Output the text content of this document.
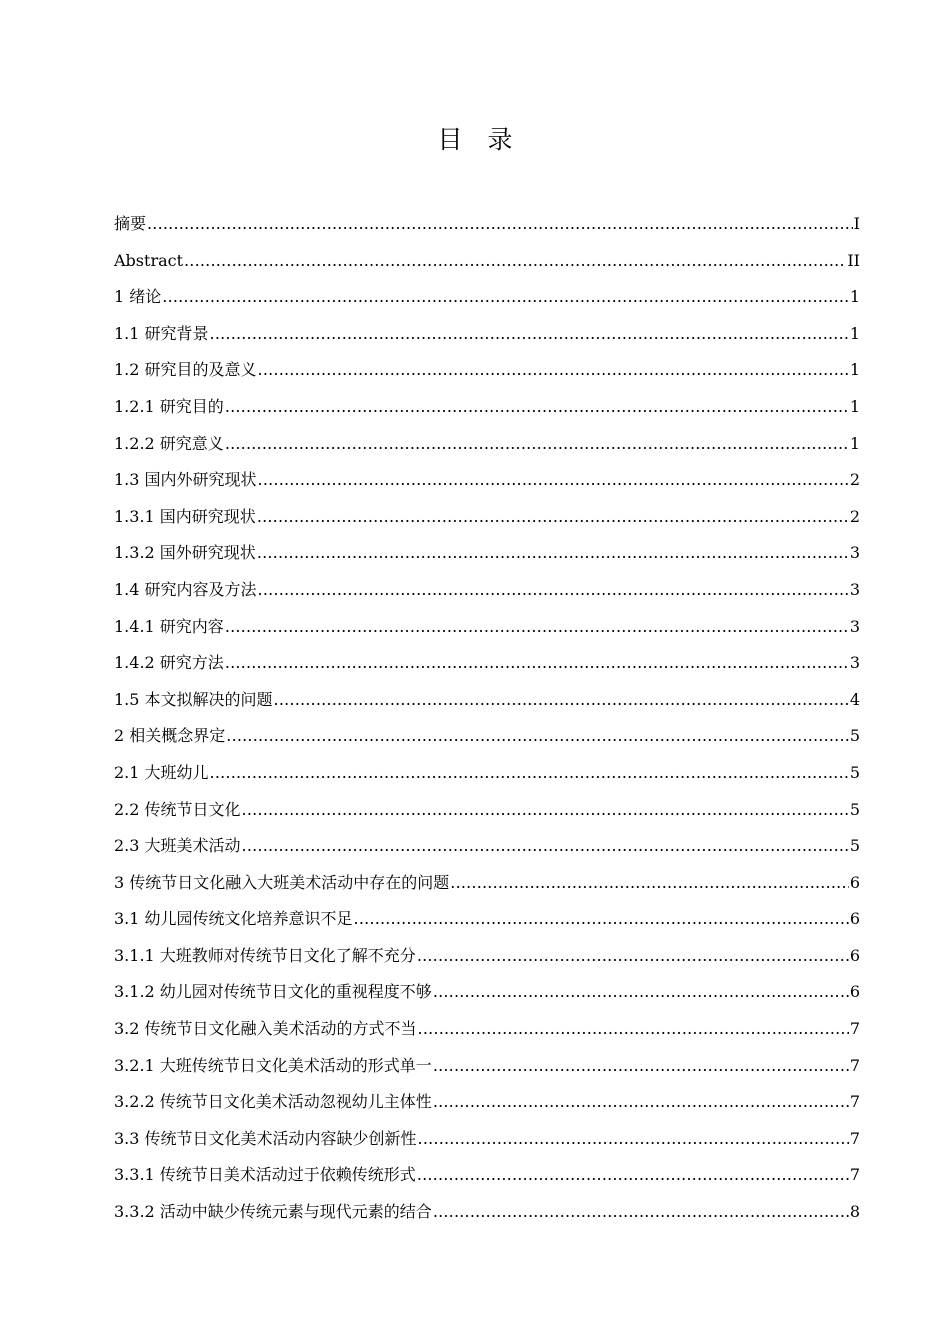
目录
摘要 .....	I
Abstract .....	II
1 绪论 .....	1
1.1 研究背景 .....	1
1.2 研究目的及意义 .....	1
1.2.1 研究目的 .....	1
1.2.2 研究意义 .....	1
1.3 国内外研究现状 .....	2
1.3.1 国内研究现状 .....	2
1.3.2 国外研究现状 .....	3
1.4 研究内容及方法 .....	3
1.4.1 研究内容 .....	3
1.4.2 研究方法 .....	3
1.5 本文拟解决的问题 .....	4
2 相关概念界定 .....	5
2.1 大班幼儿 .....	5
2.2 传统节日文化 .....	5
2.3 大班美术活动 .....	5
3 传统节日文化融入大班美术活动中存在的问题 .....	6
3.1 幼儿园传统文化培养意识不足 .....	6
3.1.1 大班教师对传统节日文化了解不充分 .....	6
3.1.2 幼儿园对传统节日文化的重视程度不够 .....	6
3.2 传统节日文化融入美术活动的方式不当 .....	7
3.2.1 大班传统节日文化美术活动的形式单一 .....	7
3.2.2 传统节日文化美术活动忽视幼儿主体性 .....	7
3.3 传统节日文化美术活动内容缺少创新性 .....	7
3.3.1 传统节日美术活动过于依赖传统形式 .....	7
3.3.2 活动中缺少传统元素与现代元素的结合 .....	8
